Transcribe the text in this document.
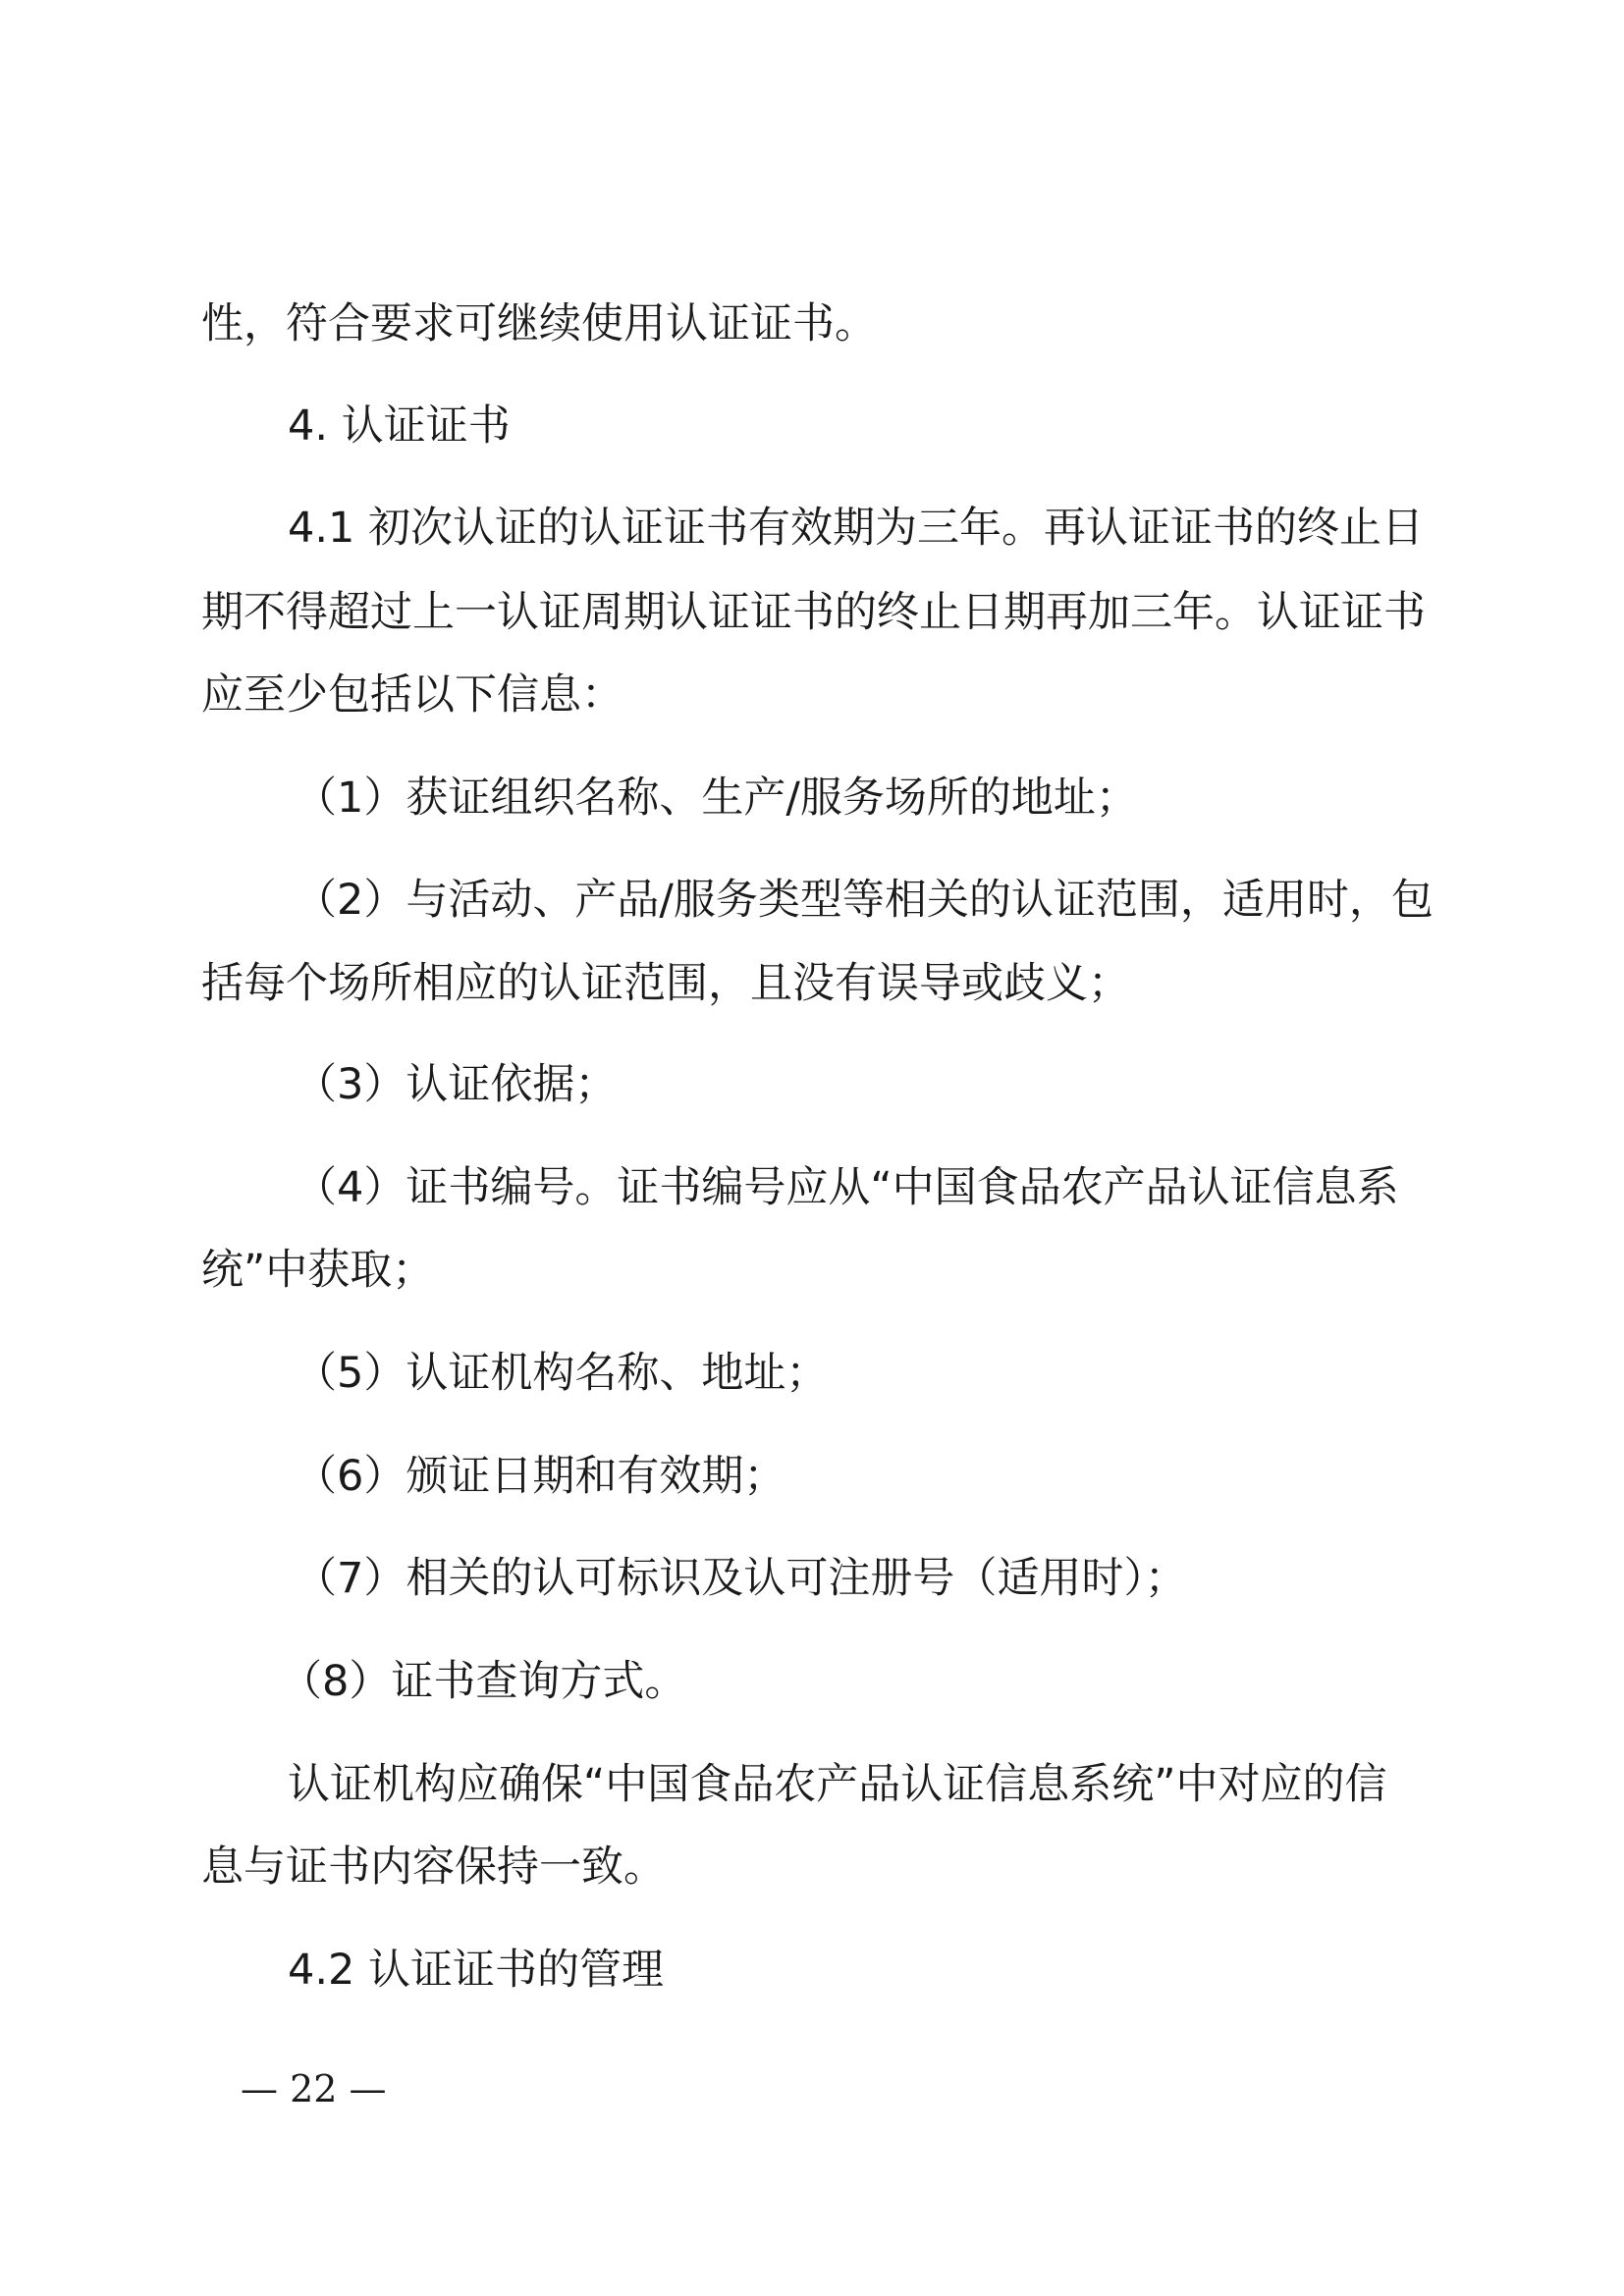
性，符合要求可继续使用认证证书。
4. 认证证书
4.1 初次认证的认证证书有效期为三年。再认证证书的终止日
期不得超过上一认证周期认证证书的终止日期再加三年。认证证书
应至少包括以下信息：
（1）获证组织名称、生产/服务场所的地址；
（2）与活动、产品/服务类型等相关的认证范围，适用时，包
括每个场所相应的认证范围，且没有误导或歧义；
（3）认证依据；
（4）证书编号。证书编号应从“中国食品农产品认证信息系
统”中获取；
（5）认证机构名称、地址；
（6）颁证日期和有效期；
（7）相关的认可标识及认可注册号（适用时）；
（8）证书查询方式。
认证机构应确保“中国食品农产品认证信息系统”中对应的信
息与证书内容保持一致。
4.2 认证证书的管理
— 22 —
